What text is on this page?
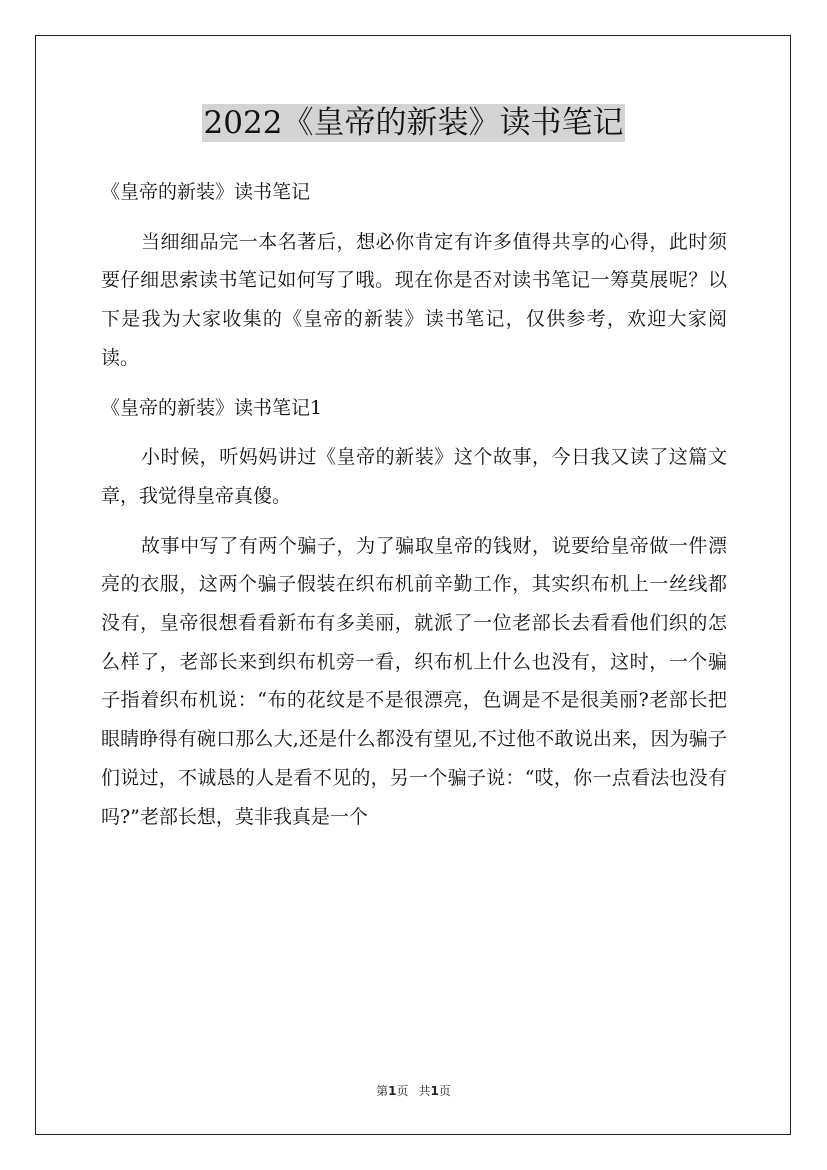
2022《皇帝的新装》读书笔记

《皇帝的新装》读书笔记

当细细品完一本名著后，想必你肯定有许多值得共享的心得，此时须要仔细思索读书笔记如何写了哦。现在你是否对读书笔记一筹莫展呢？以下是我为大家收集的《皇帝的新装》读书笔记，仅供参考，欢迎大家阅读。

《皇帝的新装》读书笔记1

小时候，听妈妈讲过《皇帝的新装》这个故事，今日我又读了这篇文章，我觉得皇帝真傻。

故事中写了有两个骗子，为了骗取皇帝的钱财，说要给皇帝做一件漂亮的衣服，这两个骗子假装在织布机前辛勤工作，其实织布机上一丝线都没有，皇帝很想看看新布有多美丽，就派了一位老部长去看看他们织的怎么样了，老部长来到织布机旁一看，织布机上什么也没有，这时，一个骗子指着织布机说：“布的花纹是不是很漂亮，色调是不是很美丽?老部长把眼睛睁得有碗口那么大,还是什么都没有望见,不过他不敢说出来，因为骗子们说过，不诚恳的人是看不见的，另一个骗子说：“哎，你一点看法也没有吗?”老部长想，莫非我真是一个

第1页 共1页
